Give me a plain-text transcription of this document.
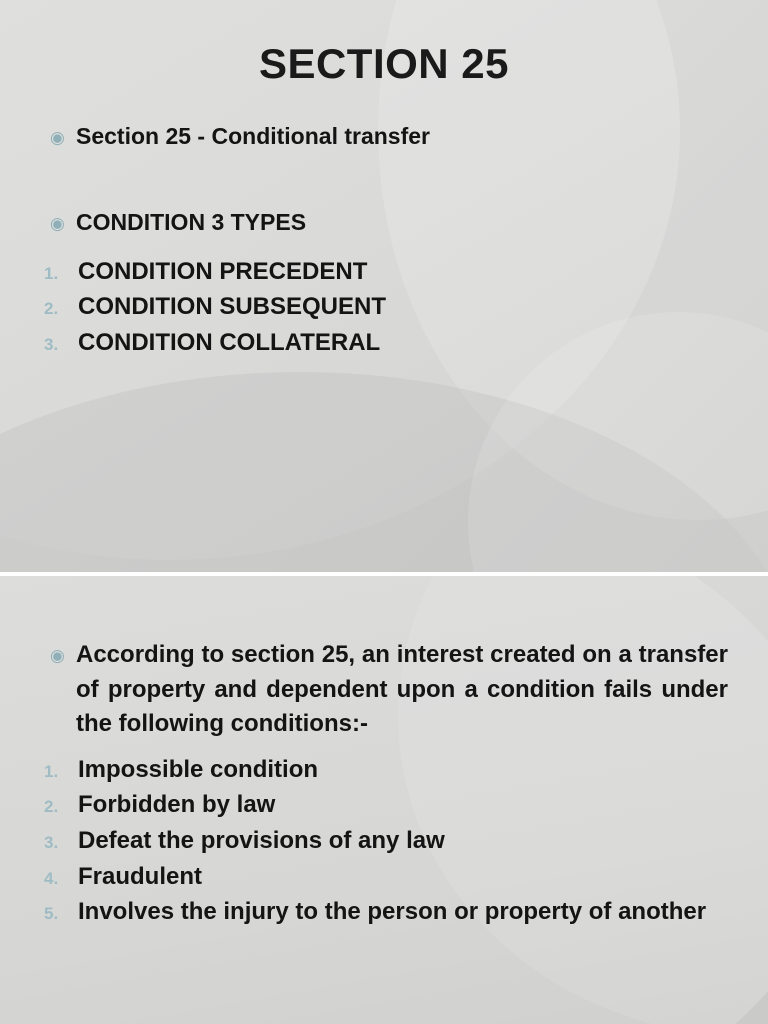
SECTION 25
◉ Section 25 - Conditional transfer
◉ CONDITION 3 TYPES
1. CONDITION PRECEDENT
2. CONDITION SUBSEQUENT
3. CONDITION COLLATERAL
◉ According to section 25, an interest created on a transfer of property and dependent upon a condition fails under the following conditions:-
1. Impossible condition
2. Forbidden by law
3. Defeat the provisions of any law
4. Fraudulent
5. Involves the injury to the person or property of another
